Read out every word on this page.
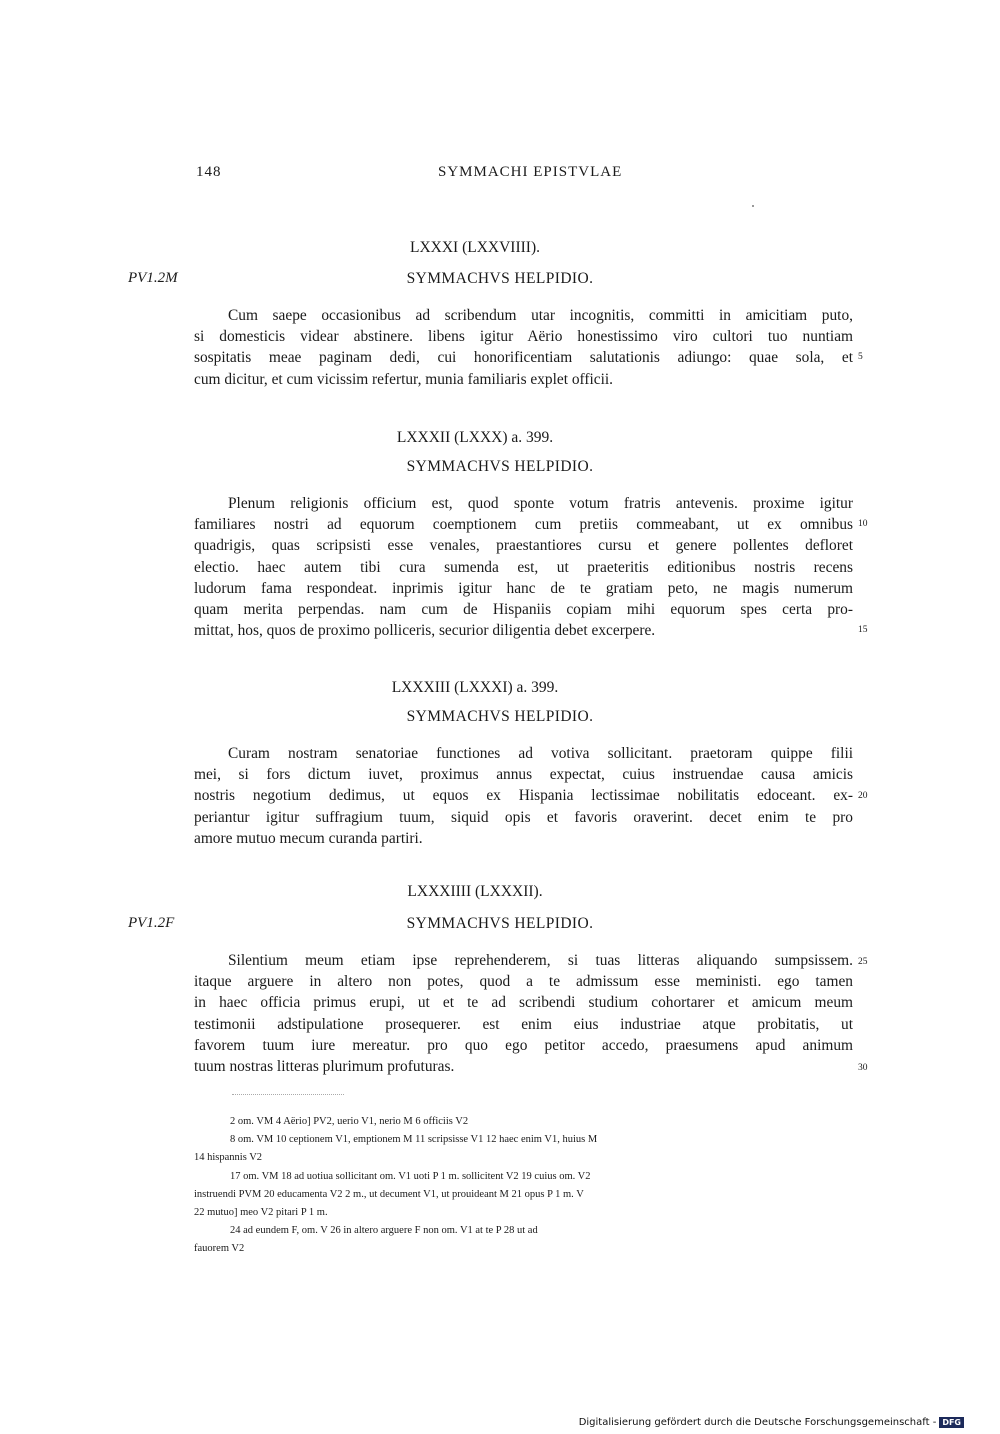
148	SYMMACHI EPISTVLAE
LXXXI (LXXVIIII).
PV1.2M	SYMMACHVS HELPIDIO.
Cum saepe occasionibus ad scribendum utar incognitis, committi in amicitiam puto,
si domesticis videar abstinere. libens igitur Aërio honestissimo viro cultori tuo nuntiam
sospitatis meae paginam dedi, cui honorificentiam salutationis adiungo: quae sola, et
cum dicitur, et cum vicissim refertur, munia familiaris explet officii.
5
LXXXII (LXXX) a. 399.
SYMMACHVS HELPIDIO.
Plenum religionis officium est, quod sponte votum fratris antevenis. proxime igitur
familiares nostri ad equorum coemptionem cum pretiis commeabant, ut ex omnibus
quadrigis, quas scripsisti esse venales, praestantiores cursu et genere pollentes defloret
electio. haec autem tibi cura sumenda est, ut praeteritis editionibus nostris recens
ludorum fama respondeat. inprimis igitur hanc de te gratiam peto, ne magis numerum
quam merita perpendas. nam cum de Hispaniis copiam mihi equorum spes certa pro-
mittat, hos, quos de proximo polliceris, securior diligentia debet excerpere.
10
15
LXXXIII (LXXXI) a. 399.
SYMMACHVS HELPIDIO.
Curam nostram senatoriae functiones ad votiva sollicitant. praetoram quippe filii
mei, si fors dictum iuvet, proximus annus expectat, cuius instruendae causa amicis
nostris negotium dedimus, ut equos ex Hispania lectissimae nobilitatis edoceant. ex-
periantur igitur suffragium tuum, siquid opis et favoris oraverint. decet enim te pro
amore mutuo mecum curanda partiri.
20
LXXXIIII (LXXXII).
PV1.2F	SYMMACHVS HELPIDIO.
Silentium meum etiam ipse reprehenderem, si tuas litteras aliquando sumpsissem.
itaque arguere in altero non potes, quod a te admissum esse meministi. ego tamen
in haec officia primus erupi, ut et te ad scribendi studium cohortarer et amicum meum
testimonii adstipulatione prosequerer. est enim eius industriae atque probitatis, ut
favorem tuum iure mereatur. pro quo ego petitor accedo, praesumens apud animum
tuum nostras litteras plurimum profuturas.
25
30
2 om. VM 4 Aërio] PV2, uerio V1, nerio M 6 officiis V2
8 om. VM 10 ceptionem V1, emptionem M 11 scripsisse V1 12 haec enim V1, huius M
14 hispannis V2
17 om. VM 18 ad uotiua sollicitant om. V1 uoti P 1 m. sollicitent V2 19 cuius om. V2
instruendi PVM 20 educamenta V2 2 m., ut decument V1, ut prouideant M 21 opus P 1 m. V
22 mutuo] meo V2 pitari P 1 m.
24 ad eundem F, om. V 26 in altero arguere F non om. V1 at te P 28 ut ad
fauorem V2
Digitalisierung gefördert durch die Deutsche Forschungsgemeinschaft - DFG
